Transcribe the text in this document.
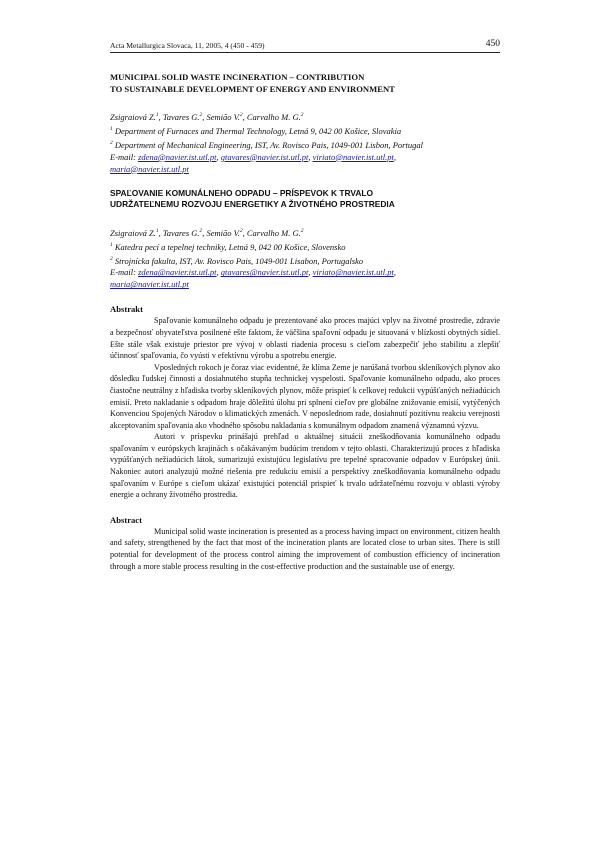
Acta Metallurgica Slovaca, 11, 2005, 4 (450 - 459)	450

MUNICIPAL SOLID WASTE INCINERATION – CONTRIBUTION

TO SUSTAINABLE DEVELOPMENT OF ENERGY AND ENVIRONMENT

Zsigraiová Z.$^1$, Tavares G.$^2$, Semião V.$^2$, Carvalho M. G.$^2$

$^1$ Department of Furnaces and Thermal Technology, Letná 9, 042 00 Košice, Slovakia

$^2$ Department of Mechanical Engineering, IST, Av. Rovisco Pais, 1049-001 Lisbon, Portugal

E-mail: zdena@navier.ist.utl.pt, gtavares@navier.ist.utl.pt, viriato@navier.ist.utl.pt,

maria@navier.ist.utl.pt

SPAĽOVANIE KOMUNÁLNEHO ODPADU – PRÍSPEVOK K TRVALO

UDRŽATEĽNEMU ROZVOJU ENERGETIKY A ŽIVOTNÉHO PROSTREDIA

Zsigraiová Z.$^1$, Tavares G.$^2$, Semião V.$^2$, Carvalho M. G.$^2$

$^1$ Katedra pecí a tepelnej techniky, Letná 9, 042 00 Košice, Slovensko

$^2$ Strojnícka fakulta, IST, Av. Rovisco Pais, 1049-001 Lisabon, Portugalsko

E-mail: zdena@navier.ist.utl.pt, gtavares@navier.ist.utl.pt, viriato@navier.ist.utl.pt,

maria@navier.ist.utl.pt

Abstrakt

Spaľovanie komunálneho odpadu je prezentované ako proces majúci vplyv na životné prostredie, zdravie a bezpečnosť obyvateľstva posilnené ešte faktom, že väčšina spaľovní odpadu je situovaná v blízkosti obytných sídiel. Ešte stále však existuje priestor pre vývoj v oblasti riadenia procesu s cieľom zabezpečiť jeho stabilitu a zlepšiť účinnosť spaľovania, čo vyústi v efektívnu výrobu a spotrebu energie.

Vposledných rokoch je čoraz viac evidentné, že klíma Zeme je narúšaná tvorbou skleníkových plynov ako dôsledku ľudskej činnosti a dosiahnutého stupňa technickej vyspelosti. Spaľovanie komunálneho odpadu, ako proces čiastočne neutrálny z hľadiska tvorby skleníkových plynov, môže prispieť k celkovej redukcii vypúšťaných nežiadúcich emisií. Preto nakladanie s odpadom hraje dôležitú úlohu pri splnení cieľov pre globálne znižovanie emisií, vytýčených Konvenciou Spojených Národov o klimatických zmenách. V neposlednom rade, dosiahnutí pozitívnu reakciu verejnosti akceptovaním spaľovania ako vhodného spôsobu nakladania s komunálnym odpadom znamená významnú výzvu.

Autori v príspevku prinášajú prehľad o aktuálnej situácii zneškodňovania komunálneho odpadu spaľovaním v európskych krajinách s očakávaným budúcim trendom v tejto oblasti. Charakterizujú proces z hľadiska vypúšťaných nežiadúcich látok, sumarizujú existujúcu legislatívu pre tepelné spracovanie odpadov v Európskej únii. Nakoniec autori analyzujú možné riešenia pre redukciu emisií a perspektívy zneškodňovania komunálneho odpadu spaľovaním v Európe s cieľom ukázať existujúci potenciál prispieť k trvalo udržateľnému rozvoju v oblasti výroby energie a ochrany životného prostredia.

Abstract

Municipal solid waste incineration is presented as a process having impact on environment, citizen health and safety, strengthened by the fact that most of the incineration plants are located close to urban sites. There is still potential for development of the process control aiming the improvement of combustion efficiency of incineration through a more stable process resulting in the cost-effective production and the sustainable use of energy.
